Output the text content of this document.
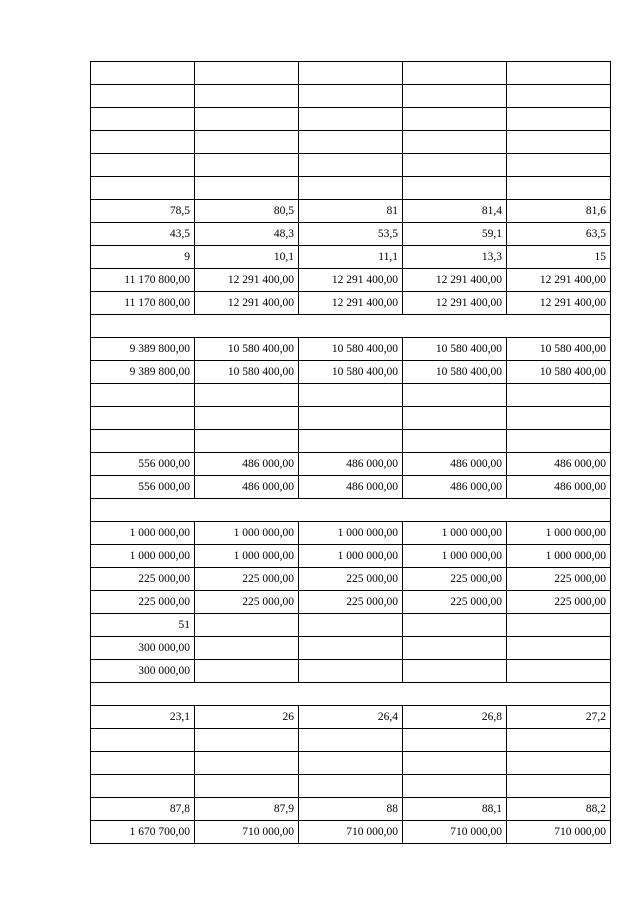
78,5	80,5	81	81,4	81,6
43,5	48,3	53,5	59,1	63,5
9	10,1	11,1	13,3	15
11 170 800,00	12 291 400,00	12 291 400,00	12 291 400,00	12 291 400,00
11 170 800,00	12 291 400,00	12 291 400,00	12 291 400,00	12 291 400,00

9 389 800,00	10 580 400,00	10 580 400,00	10 580 400,00	10 580 400,00
9 389 800,00	10 580 400,00	10 580 400,00	10 580 400,00	10 580 400,00

556 000,00	486 000,00	486 000,00	486 000,00	486 000,00
556 000,00	486 000,00	486 000,00	486 000,00	486 000,00

1 000 000,00	1 000 000,00	1 000 000,00	1 000 000,00	1 000 000,00
1 000 000,00	1 000 000,00	1 000 000,00	1 000 000,00	1 000 000,00
225 000,00	225 000,00	225 000,00	225 000,00	225 000,00
225 000,00	225 000,00	225 000,00	225 000,00	225 000,00
51				
300 000,00				
300 000,00				

23,1	26	26,4	26,8	27,2

87,8	87,9	88	88,1	88,2
1 670 700,00	710 000,00	710 000,00	710 000,00	710 000,00
